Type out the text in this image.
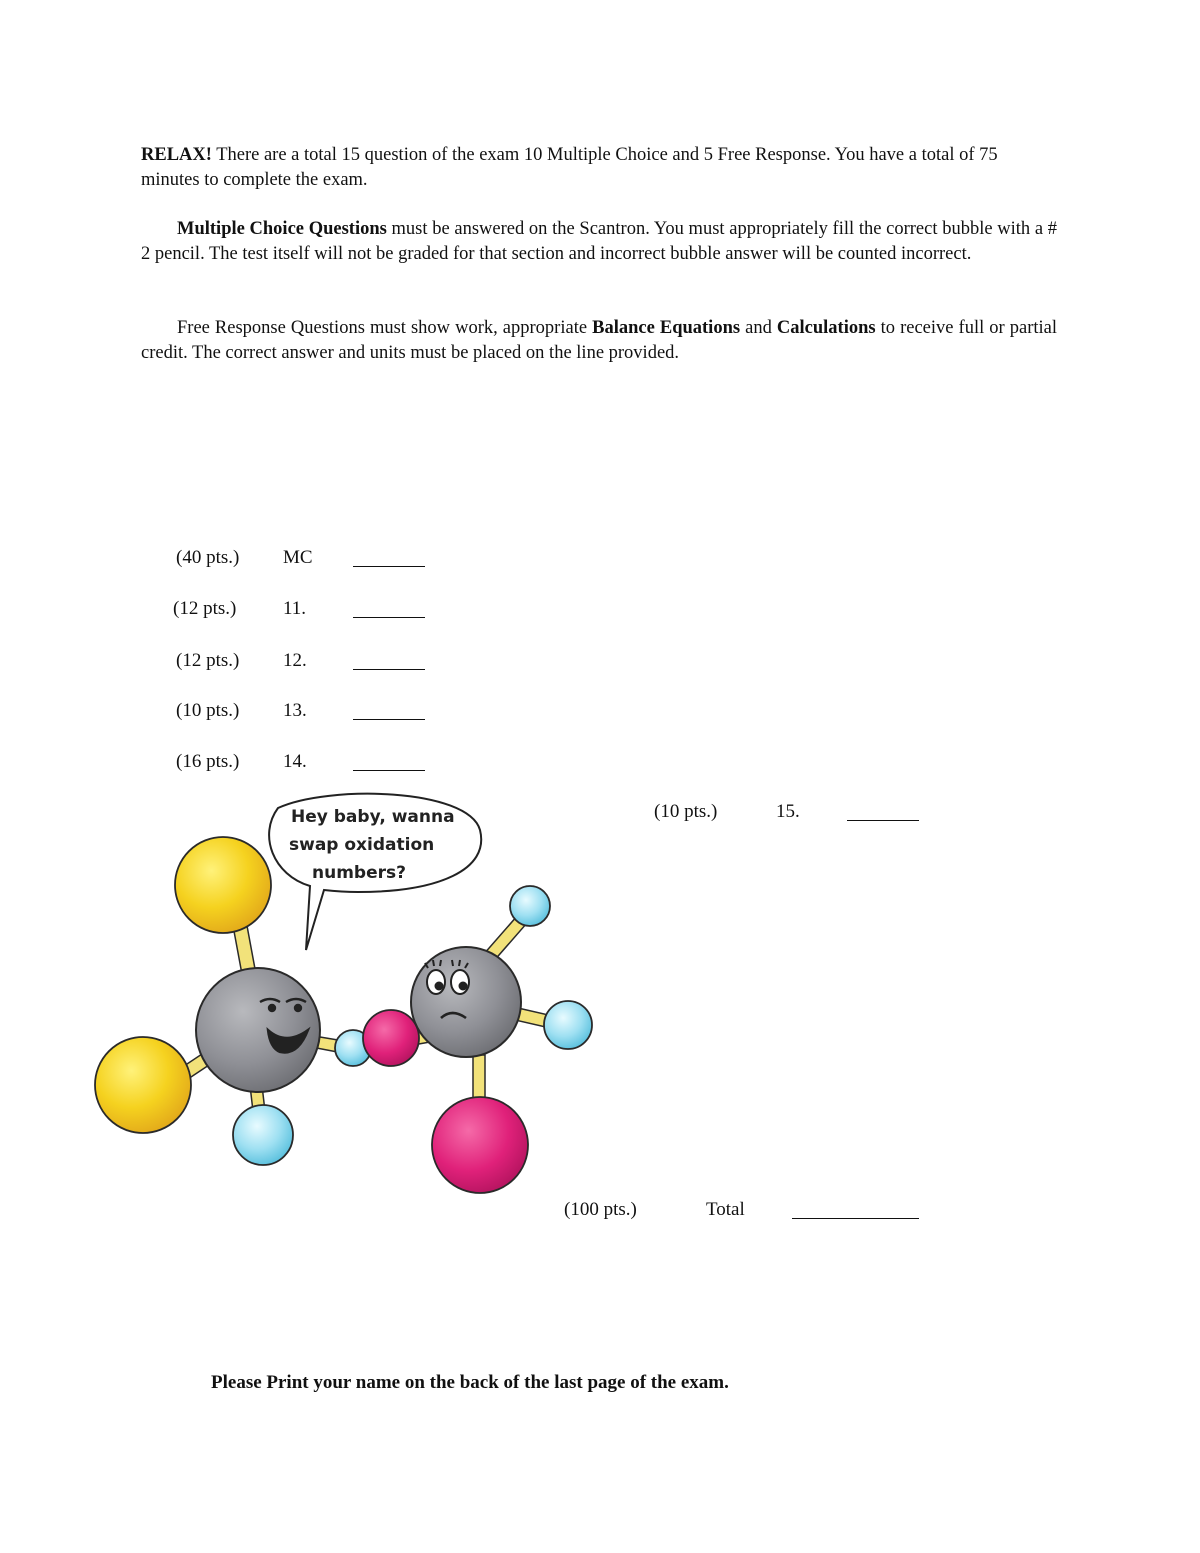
RELAX! There are a total 15 question of the exam 10 Multiple Choice and 5 Free Response. You have a total of 75 minutes to complete the exam.

Multiple Choice Questions must be answered on the Scantron. You must appropriately fill the correct bubble with a # 2 pencil. The test itself will not be graded for that section and incorrect bubble answer will be counted incorrect.

Free Response Questions must show work, appropriate Balance Equations and Calculations to receive full or partial credit. The correct answer and units must be placed on the line provided.

(40 pts.) MC
(12 pts.) 11.
(12 pts.) 12.
(10 pts.) 13.
(16 pts.) 14.
(10 pts.)	15.
(100 pts.)	Total
Hey baby, wanna
swap oxidation
numbers?

Please Print your name on the back of the last page of the exam.
